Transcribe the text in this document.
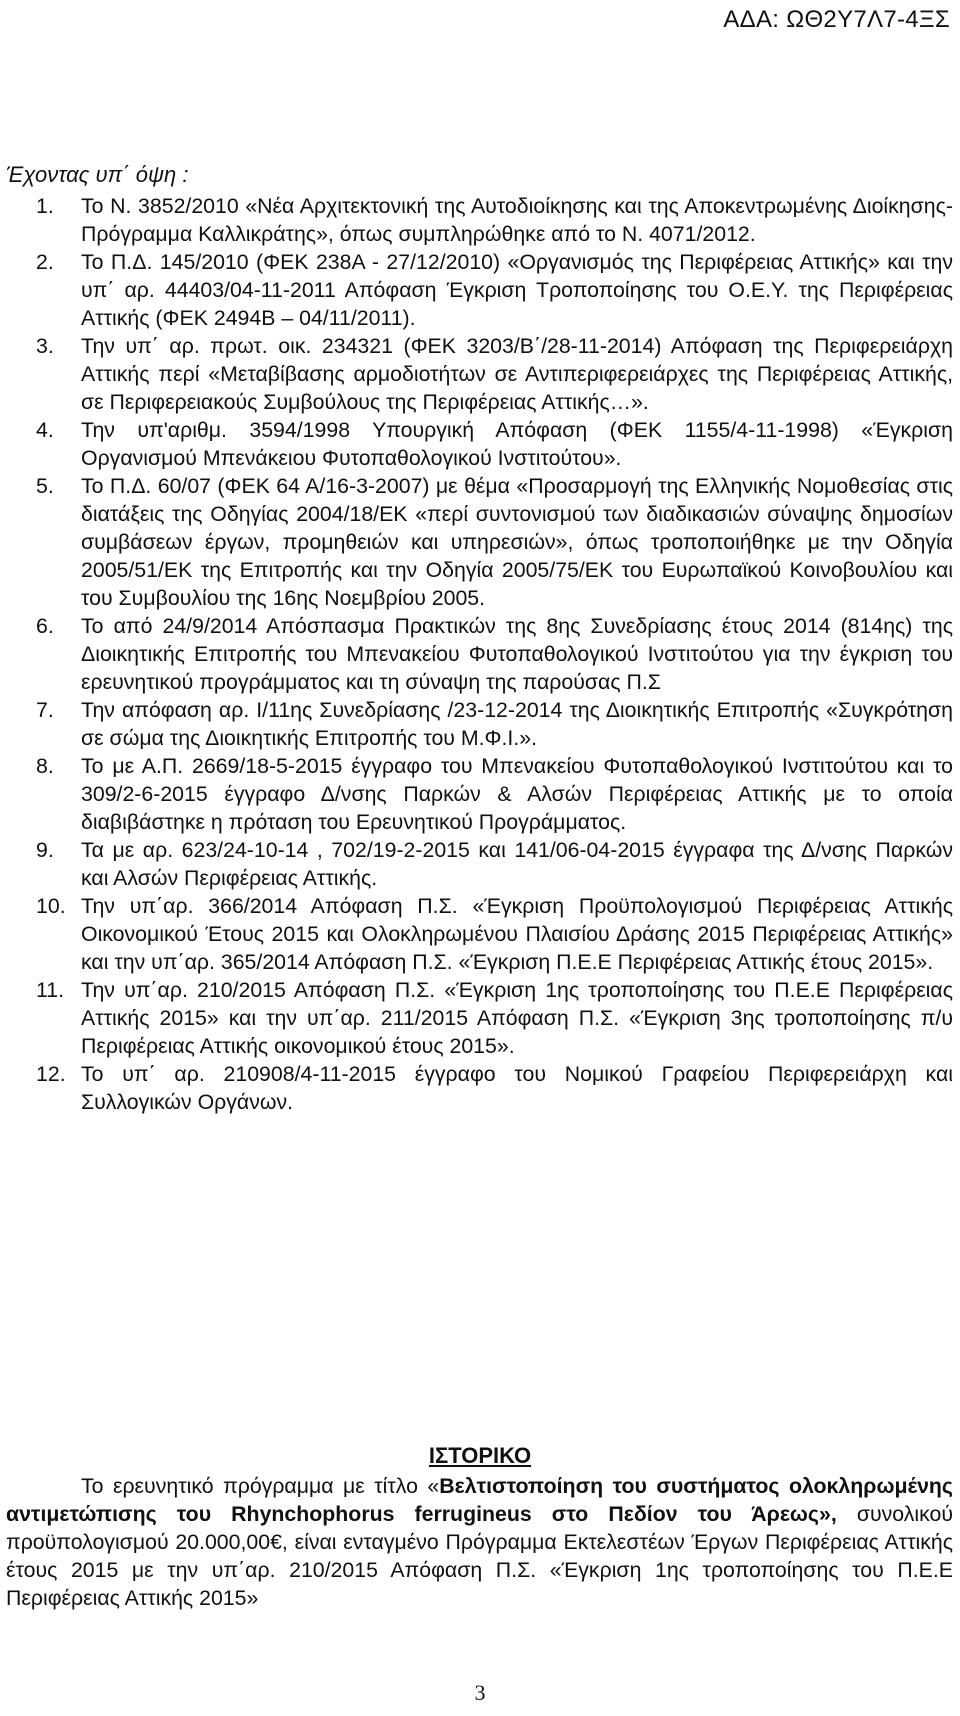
ΑΔΑ: ΩΘ2Υ7Λ7-4ΞΣ
Έχοντας υπ΄ όψη :
1. Το Ν. 3852/2010 «Νέα Αρχιτεκτονική της Αυτοδιοίκησης και της Αποκεντρωμένης Διοίκησης- Πρόγραμμα Καλλικράτης», όπως συμπληρώθηκε από το Ν. 4071/2012.
2. Το Π.Δ. 145/2010 (ΦΕΚ 238Α - 27/12/2010) «Οργανισμός της Περιφέρειας Αττικής» και την υπ΄ αρ. 44403/04-11-2011 Απόφαση Έγκριση Τροποποίησης του Ο.Ε.Υ. της Περιφέρειας Αττικής (ΦΕΚ 2494Β – 04/11/2011).
3. Την υπ΄ αρ. πρωτ. οικ. 234321 (ΦΕΚ 3203/Β΄/28-11-2014) Απόφαση της Περιφερειάρχη Αττικής περί «Μεταβίβασης αρμοδιοτήτων σε Αντιπεριφερειάρχες της Περιφέρειας Αττικής, σε Περιφερειακούς Συμβούλους της Περιφέρειας Αττικής…».
4. Την υπ'αριθμ. 3594/1998 Υπουργική Απόφαση (ΦΕΚ 1155/4-11-1998) «Έγκριση Οργανισμού Μπενάκειου Φυτοπαθολογικού Ινστιτούτου».
5. Το Π.Δ. 60/07 (ΦΕΚ 64 Α/16-3-2007) με θέμα «Προσαρμογή της Ελληνικής Νομοθεσίας στις διατάξεις της Οδηγίας 2004/18/ΕΚ «περί συντονισμού των διαδικασιών σύναψης δημοσίων συμβάσεων έργων, προμηθειών και υπηρεσιών», όπως τροποποιήθηκε με την Οδηγία 2005/51/ΕΚ της Επιτροπής και την Οδηγία 2005/75/ΕΚ του Ευρωπαϊκού Κοινοβουλίου και του Συμβουλίου της 16ης Νοεμβρίου 2005.
6. Το από 24/9/2014 Απόσπασμα Πρακτικών της 8ης Συνεδρίασης έτους 2014 (814ης) της Διοικητικής Επιτροπής του Μπενακείου Φυτοπαθολογικού Ινστιτούτου για την έγκριση του ερευνητικού προγράμματος και τη σύναψη της παρούσας Π.Σ
7. Την απόφαση αρ. Ι/11ης Συνεδρίασης /23-12-2014 της Διοικητικής Επιτροπής «Συγκρότηση σε σώμα της Διοικητικής Επιτροπής του Μ.Φ.Ι.».
8. Το με Α.Π. 2669/18-5-2015 έγγραφο του Μπενακείου Φυτοπαθολογικού Ινστιτούτου και το 309/2-6-2015 έγγραφο Δ/νσης Παρκών & Αλσών Περιφέρειας Αττικής με το οποία διαβιβάστηκε η πρόταση του Ερευνητικού Προγράμματος.
9. Τα με αρ. 623/24-10-14 , 702/19-2-2015 και 141/06-04-2015 έγγραφα της Δ/νσης Παρκών και Αλσών Περιφέρειας Αττικής.
10. Την υπ΄αρ. 366/2014 Απόφαση Π.Σ. «Έγκριση Προϋπολογισμού Περιφέρειας Αττικής Οικονομικού Έτους 2015 και Ολοκληρωμένου Πλαισίου Δράσης 2015 Περιφέρειας Αττικής» και την υπ΄αρ. 365/2014 Απόφαση Π.Σ. «Έγκριση Π.Ε.Ε Περιφέρειας Αττικής έτους 2015».
11. Την υπ΄αρ. 210/2015 Απόφαση Π.Σ. «Έγκριση 1ης τροποποίησης του Π.Ε.Ε Περιφέρειας Αττικής 2015» και την υπ΄αρ. 211/2015 Απόφαση Π.Σ. «Έγκριση 3ης τροποποίησης π/υ Περιφέρειας Αττικής οικονομικού έτους 2015».
12. Το υπ΄ αρ. 210908/4-11-2015 έγγραφο του Νομικού Γραφείου Περιφερειάρχη και Συλλογικών Οργάνων.
ΙΣΤΟΡΙΚΟ

Το ερευνητικό πρόγραμμα με τίτλο «Βελτιστοποίηση του συστήματος ολοκληρωμένης αντιμετώπισης του Rhynchophorus ferrugineus στο Πεδίον του Άρεως», συνολικού προϋπολογισμού 20.000,00€, είναι ενταγμένο Πρόγραμμα Εκτελεστέων Έργων Περιφέρειας Αττικής έτους 2015 με την υπ΄αρ. 210/2015 Απόφαση Π.Σ. «Έγκριση 1ης τροποποίησης του Π.Ε.Ε Περιφέρειας Αττικής 2015»

3
